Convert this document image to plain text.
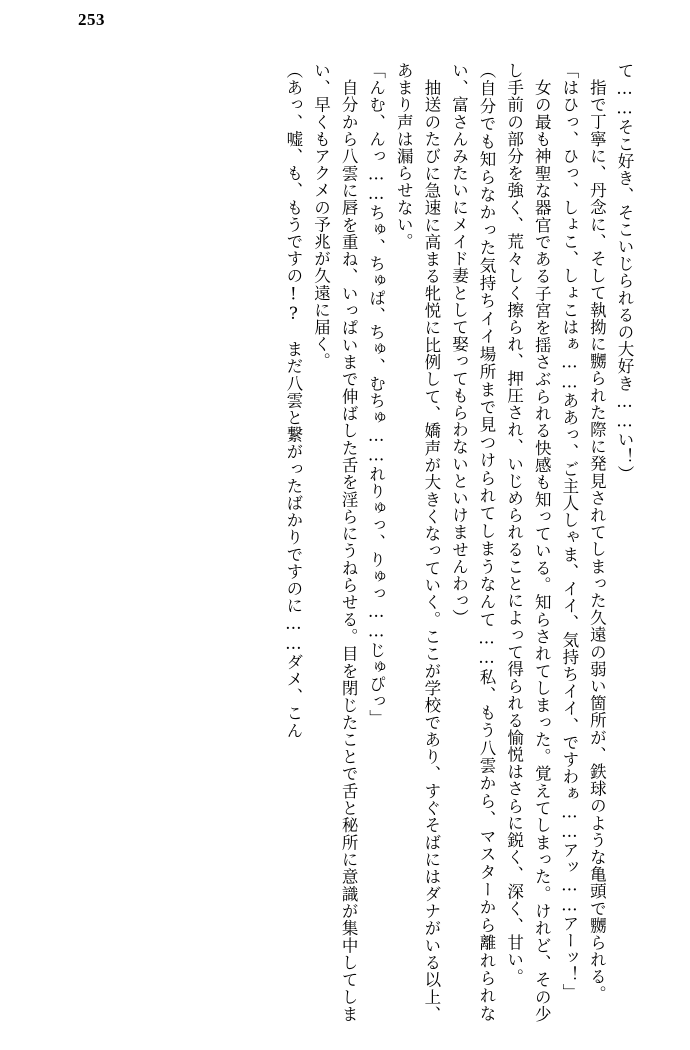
253

て……そこ好き、そこいじられるの大好き……い！）

指で丁寧に、丹念に、そして執拗に嬲られた際に発見されてしまった久遠の弱い箇所が、鉄球のような亀頭で嬲られる。

「はひっ、ひっ、しょこ、しょこはぁ……ああっ、ご主人しゃま、イイ、気持ちイイ、ですわぁ……アッ……アーッ！」

女の最も神聖な器官である子宮を揺さぶられる快感も知っている。知らされてしまった。覚えてしまった。けれど、その少し手前の部分を強く、荒々しく擦られ、押圧され、いじめられることによって得られる愉悦はさらに鋭く、深く、甘い。

（自分でも知らなかった気持ちイイ場所まで見つけられてしまうなんて……私、もう八雲から、マスターから離れられない、富さんみたいにメイド妻として娶ってもらわないといけませんわっ）

抽送のたびに急速に高まる牝悦に比例して、嬌声が大きくなっていく。ここが学校であり、すぐそばにはダナがいる以上、あまり声は漏らせない。

「んむ、んっ……ちゅ、ちゅぱ、ちゅ、むちゅ……れりゅっ、りゅっ……じゅぴっ」

自分から八雲に唇を重ね、いっぱいまで伸ばした舌を淫らにうねらせる。目を閉じたことで舌と秘所に意識が集中してしまい、早くもアクメの予兆が久遠に届く。

（あっ、嘘、も、もうですの!?　まだ八雲と繋がったばかりですのに……ダメ、こん
